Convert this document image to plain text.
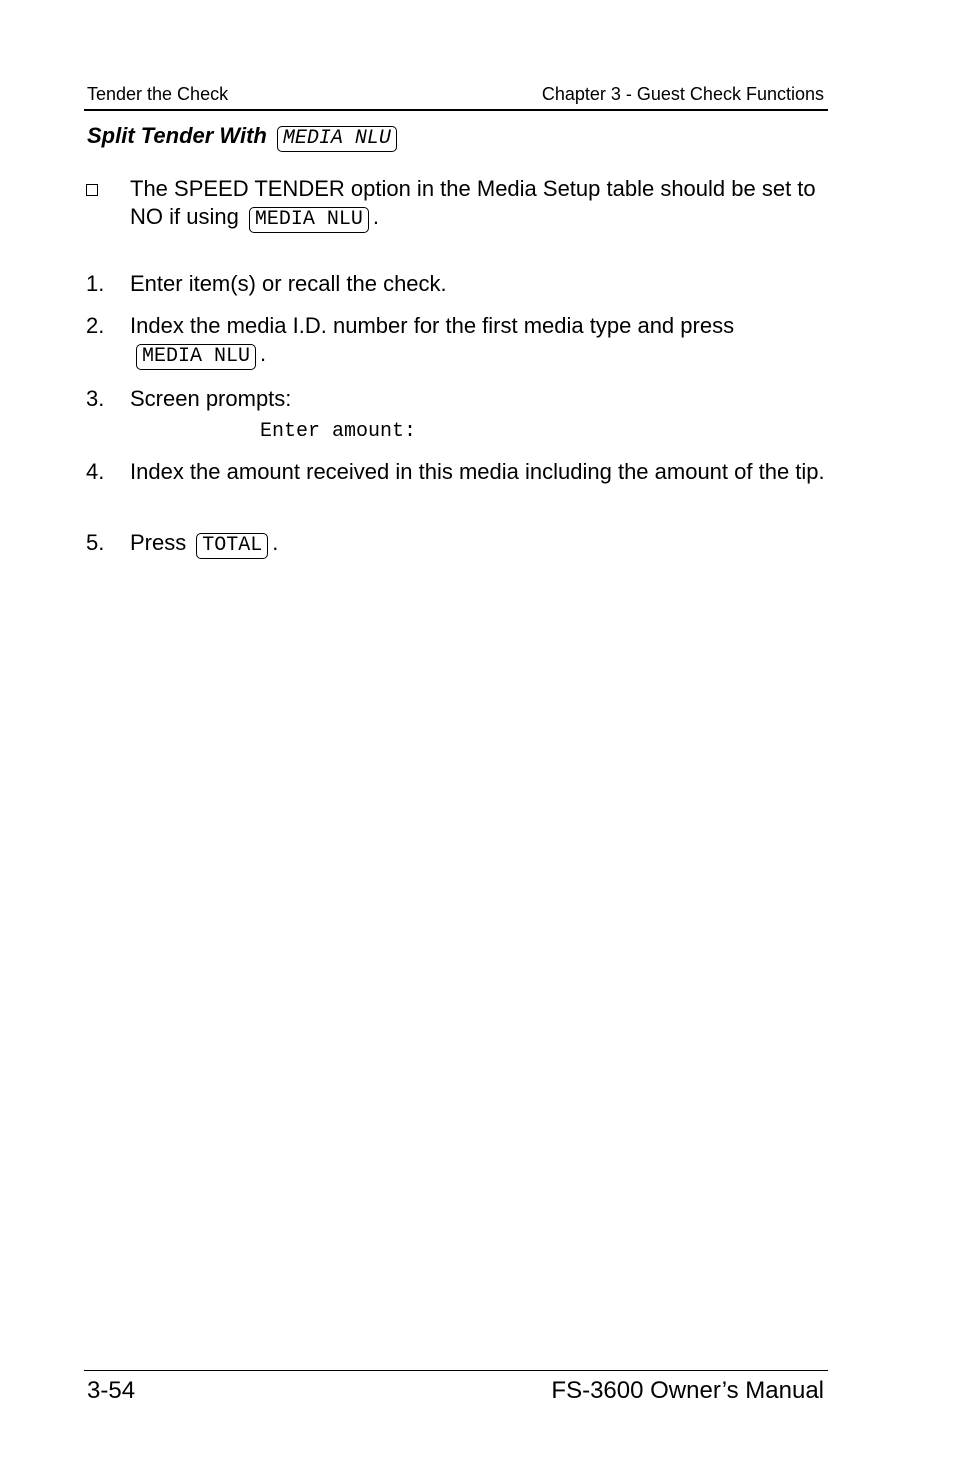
Tender the Check	Chapter 3 - Guest Check Functions
Split Tender With MEDIA NLU
The SPEED TENDER option in the Media Setup table should be set to NO if using MEDIA NLU .
1. Enter item(s) or recall the check.
2. Index the media I.D. number for the first media type and press
MEDIA NLU .
3. Screen prompts:
Enter amount:
4. Index the amount received in this media including the amount of the tip.
5. Press TOTAL .
3-54	FS-3600 Owner’s Manual
